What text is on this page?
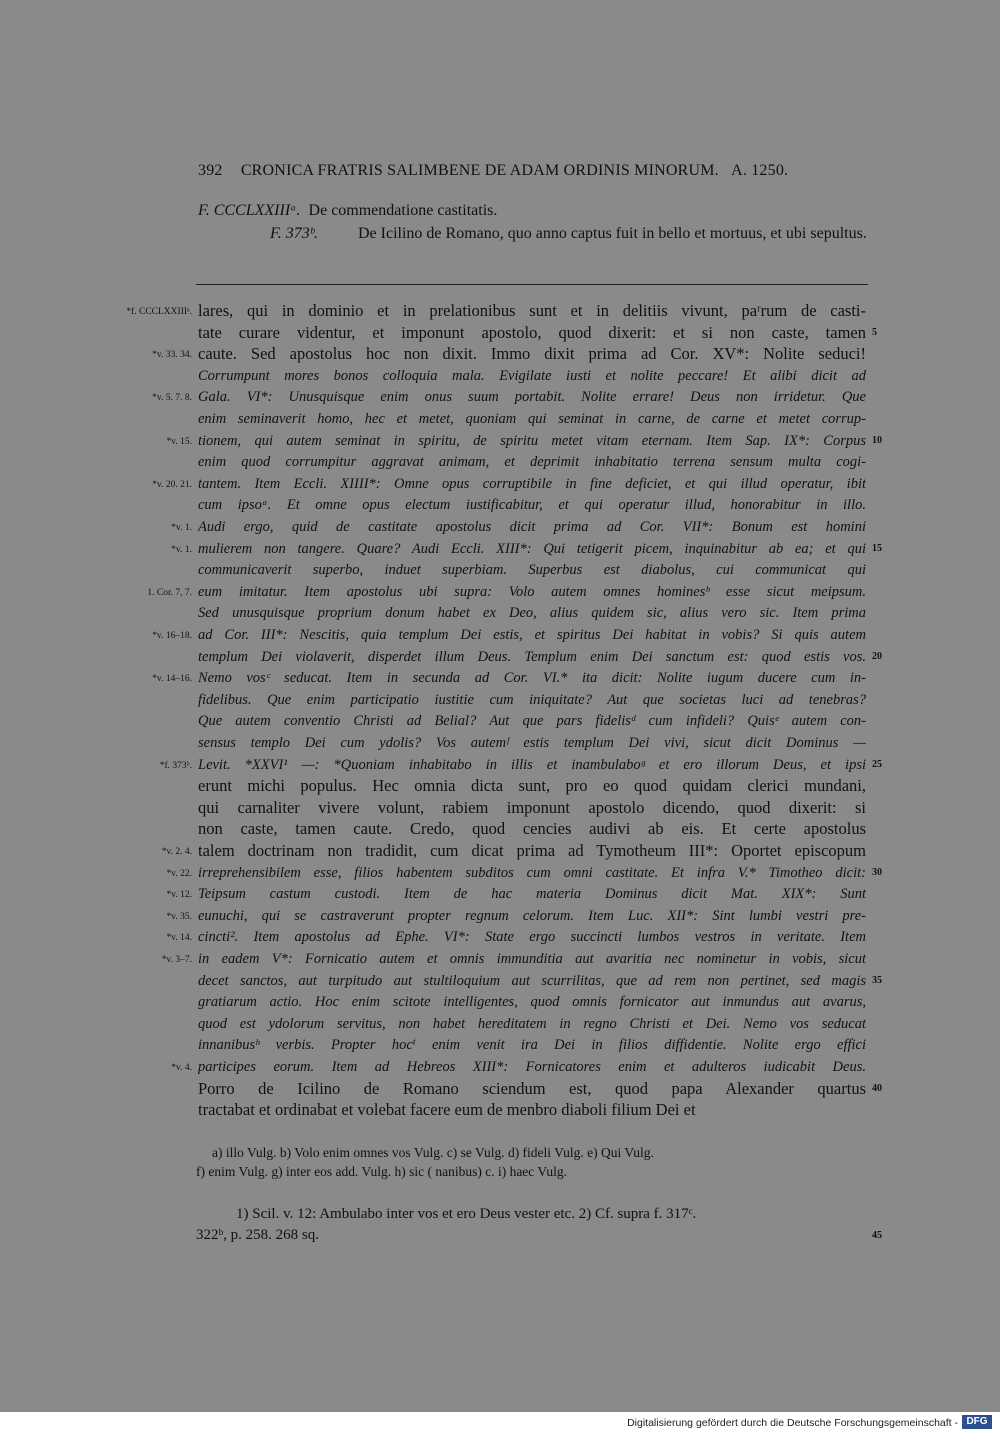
392 CRONICA FRATRIS SALIMBENE DE ADAM ORDINIS MINORUM. A. 1250.
F. CCCLXXIIIᵃ. De commendatione castitatis.
F. 373ᵇ. De Icilino de Romano, quo anno captus fuit in bello et mortuus, et ubi sepultus.
lares, qui in dominio et in prelationibus sunt et in delitiis vivunt, paʳrum de casti-
*f. CCCLXXIIIᵃ.
tate curare videntur, et imponunt apostolo, quod dixerit: et si non caste, tamen 5
caute. Sed apostolus hoc non dixit. Immo dixit prima ad Cor. XV*: Nolite seduci!
*v. 33. 34.
Corrumpunt mores bonos colloquia mala. Evigilate iusti et nolite peccare! Et alibi dicit ad
Gala. VI*: Unusquisque enim onus suum portabit. Nolite errare! Deus non irridetur. Que
*v. 5. 7. 8.
enim seminaverit homo, hec et metet, quoniam qui seminat in carne, de carne et metet corrup-
tionem, qui autem seminat in spiritu, de spiritu metet vitam eternam. Item Sap. IX*: Corpus
*v. 15.	10
enim quod corrumpitur aggravat animam, et deprimit inhabitatio terrena sensum multa cogi-
tantem. Item Eccli. XIIII*: Omne opus corruptibile in fine deficiet, et qui illud operatur, ibit
*v. 20. 21.
cum ipsoᵃ. Et omne opus electum iustificabitur, et qui operatur illud, honorabitur in illo.
Audi ergo, quid de castitate apostolus dicit prima ad Cor. VII*: Bonum est homini
*v. 1.
mulierem non tangere. Quare? Audi Eccli. XIII*: Qui tetigerit picem, inquinabitur ab ea; et qui
*v. 1.	15
communicaverit superbo, induet superbiam. Superbus est diabolus, cui communicat qui
eum imitatur. Item apostolus ubi supra: Volo autem omnes hominesᵇ esse sicut meipsum.
1. Cor. 7, 7.
Sed unusquisque proprium donum habet ex Deo, alius quidem sic, alius vero sic. Item prima
ad Cor. III*: Nescitis, quia templum Dei estis, et spiritus Dei habitat in vobis? Si quis autem
*v. 16–18.
templum Dei violaverit, disperdet illum Deus. Templum enim Dei sanctum est: quod estis vos. 20
Nemo vosᶜ seducat. Item in secunda ad Cor. VI.* ita dicit: Nolite iugum ducere cum in-
*v. 14–16.
fidelibus. Que enim participatio iustitie cum iniquitate? Aut que societas luci ad tenebras?
Que autem conventio Christi ad Belial? Aut que pars fidelisᵈ cum infideli? Quisᵉ autem con-
sensus templo Dei cum ydolis? Vos autemᶠ estis templum Dei vivi, sicut dicit Dominus —
Levit. *XXVI¹ —: *Quoniam inhabitabo in illis et inambulaboᵍ et ero illorum Deus, et ipsi
*f. 373ᵇ.	25
erunt michi populus. Hec omnia dicta sunt, pro eo quod quidam clerici mundani,
qui carnaliter vivere volunt, rabiem imponunt apostolo dicendo, quod dixerit: si
non caste, tamen caute. Credo, quod cencies audivi ab eis. Et certe apostolus
talem doctrinam non tradidit, cum dicat prima ad Tymotheum III*: Oportet episcopum
*v. 2. 4.
irreprehensibilem esse, filios habentem subditos cum omni castitate. Et infra V.* Timotheo dicit:
*v. 22.	30
Teipsum castum custodi. Item de hac materia Dominus dicit Mat. XIX*: Sunt
*v. 12.
eunuchi, qui se castraverunt propter regnum celorum. Item Luc. XII*: Sint lumbi vestri pre-
*v. 35.
cincti². Item apostolus ad Ephe. VI*: State ergo succincti lumbos vestros in veritate. Item
*v. 14.
in eadem V*: Fornicatio autem et omnis immunditia aut avaritia nec nominetur in vobis, sicut
*v. 3–7.
decet sanctos, aut turpitudo aut stultiloquium aut scurrilitas, que ad rem non pertinet, sed magis 35
gratiarum actio. Hoc enim scitote intelligentes, quod omnis fornicator aut inmundus aut avarus,
quod est ydolorum servitus, non habet hereditatem in regno Christi et Dei. Nemo vos seducat
innanibusʰ verbis. Propter hocⁱ enim venit ira Dei in filios diffidentie. Nolite ergo effici
participes eorum. Item ad Hebreos XIII*: Fornicatores enim et adulteros iudicabit Deus.
*v. 4.
Porro de Icilino de Romano sciendum est, quod papa Alexander quartus 40
tractabat et ordinabat et volebat facere eum de menbro diaboli filium Dei et
a) illo Vulg. b) Volo enim omnes vos Vulg. c) se Vulg. d) fideli Vulg. e) Qui Vulg.
f) enim Vulg. g) inter eos add. Vulg. h) sic ( nanibus) c. i) haec Vulg.
1) Scil. v. 12: Ambulabo inter vos et ero Deus vester etc. 2) Cf. supra f. 317ᶜ.
322ᵇ, p. 258. 268 sq.	45
Digitalisierung gefördert durch die Deutsche Forschungsgemeinschaft - DFG
